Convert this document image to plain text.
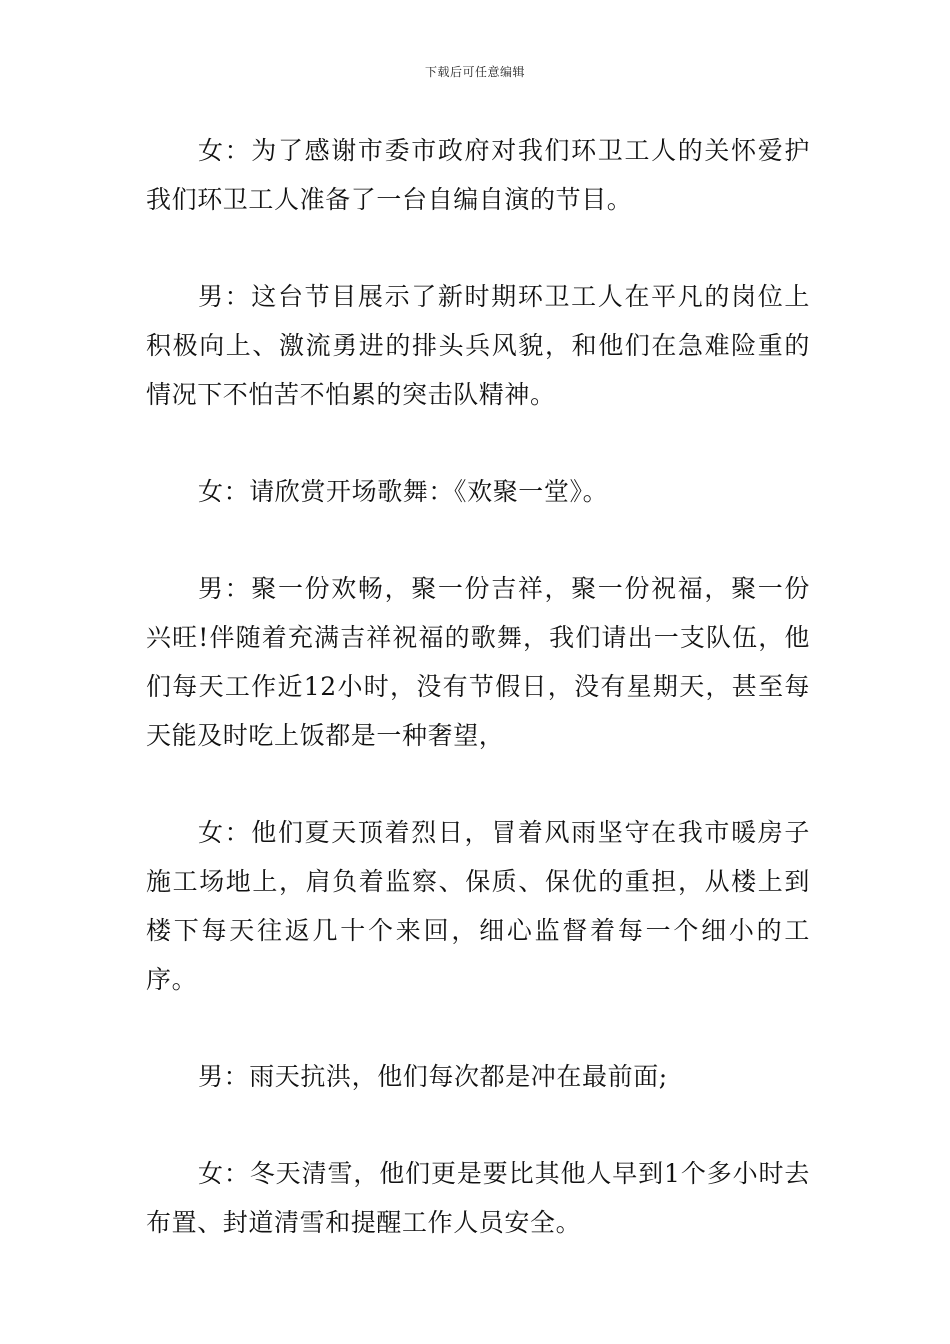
下载后可任意编辑

女：为了感谢市委市政府对我们环卫工人的关怀爱护我们环卫工人准备了一台自编自演的节目。

男：这台节目展示了新时期环卫工人在平凡的岗位上积极向上、激流勇进的排头兵风貌，和他们在急难险重的情况下不怕苦不怕累的突击队精神。

女：请欣赏开场歌舞：《欢聚一堂》。

男：聚一份欢畅，聚一份吉祥，聚一份祝福，聚一份兴旺!伴随着充满吉祥祝福的歌舞，我们请出一支队伍，他们每天工作近12小时，没有节假日，没有星期天，甚至每天能及时吃上饭都是一种奢望，

女：他们夏天顶着烈日，冒着风雨坚守在我市暖房子施工场地上，肩负着监察、保质、保优的重担，从楼上到楼下每天往返几十个来回，细心监督着每一个细小的工序。

男：雨天抗洪，他们每次都是冲在最前面;

女：冬天清雪，他们更是要比其他人早到1个多小时去布置、封道清雪和提醒工作人员安全。
